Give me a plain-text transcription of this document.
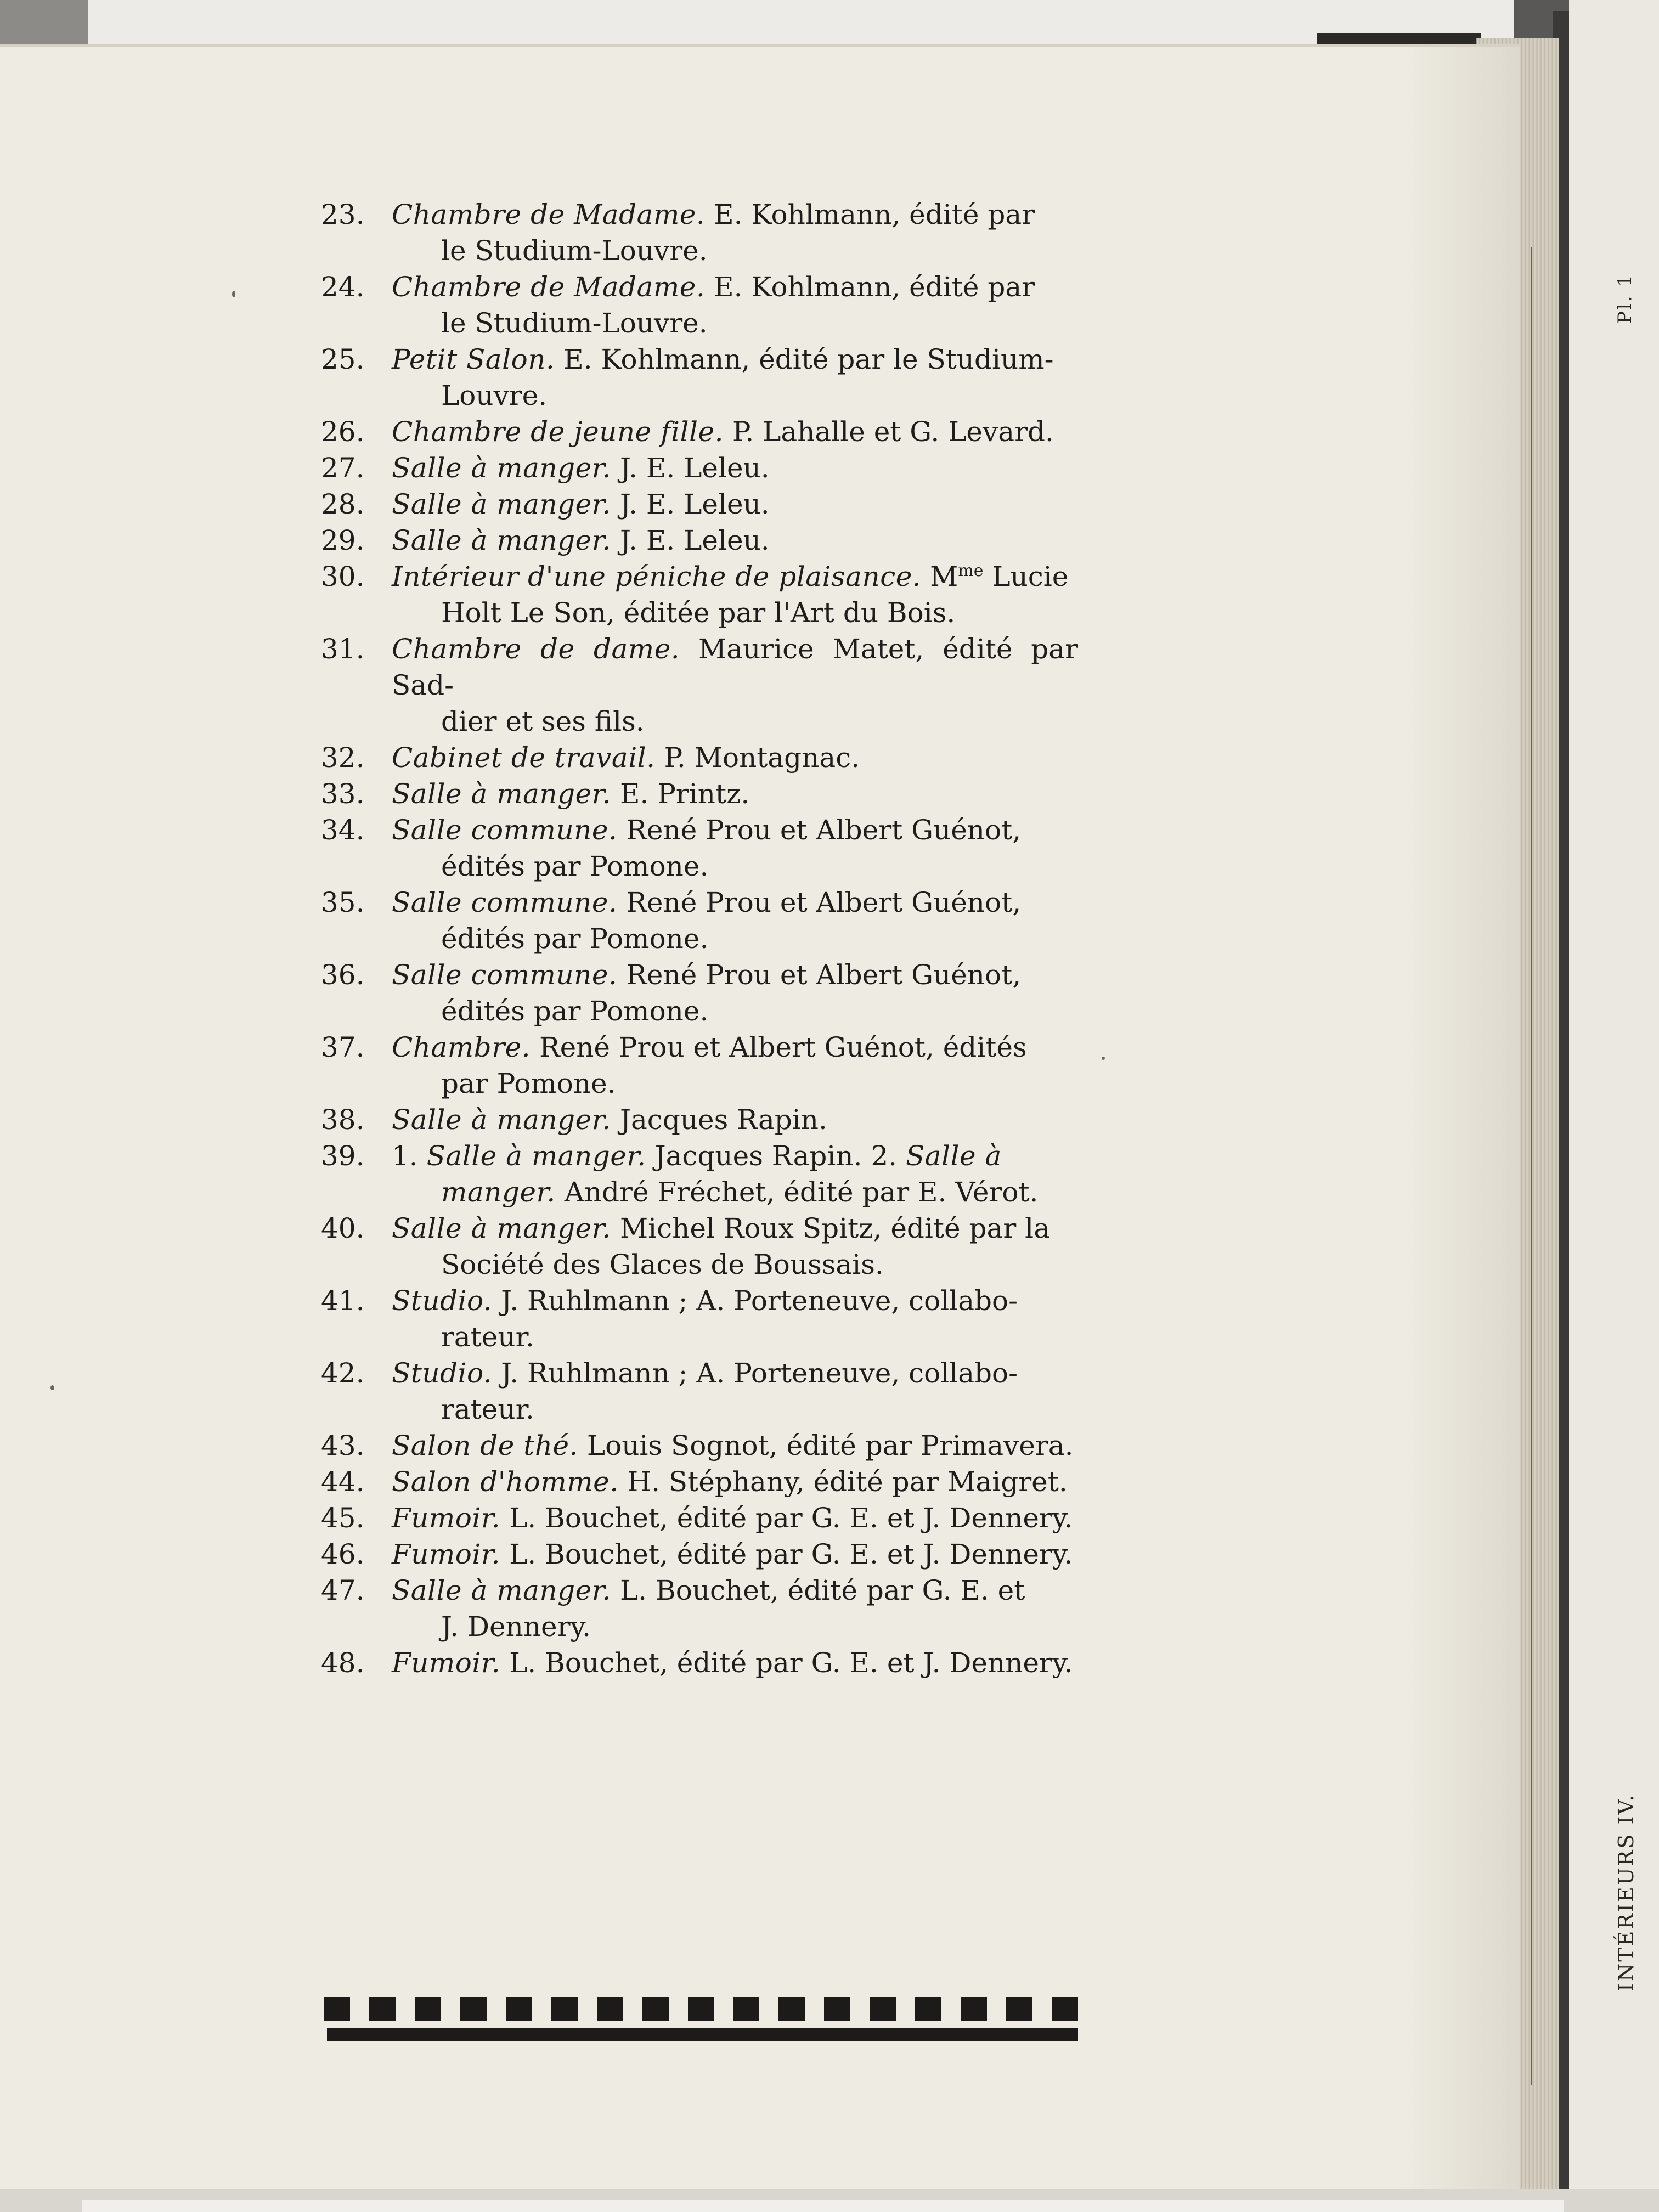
23. Chambre de Madame. E. Kohlmann, édité par
le Studium-Louvre.
24. Chambre de Madame. E. Kohlmann, édité par
le Studium-Louvre.
25. Petit Salon. E. Kohlmann, édité par le Studium-
Louvre.
26. Chambre de jeune fille. P. Lahalle et G. Levard.
27. Salle à manger. J. E. Leleu.
28. Salle à manger. J. E. Leleu.
29. Salle à manger. J. E. Leleu.
30. Intérieur d'une péniche de plaisance. $M^{me}$ Lucie
Holt Le Son, éditée par l'Art du Bois.
31. Chambre de dame. Maurice Matet, édité par Sad-
dier et ses fils.
32. Cabinet de travail. P. Montagnac.
33. Salle à manger. E. Printz.
34. Salle commune. René Prou et Albert Guénot,
édités par Pomone.
35. Salle commune. René Prou et Albert Guénot,
édités par Pomone.
36. Salle commune. René Prou et Albert Guénot,
édités par Pomone.
37. Chambre. René Prou et Albert Guénot, édités
par Pomone.
38. Salle à manger. Jacques Rapin.
39. 1. Salle à manger. Jacques Rapin. 2. Salle à
manger. André Fréchet, édité par E. Vérot.
40. Salle à manger. Michel Roux Spitz, édité par la
Société des Glaces de Boussais.
41. Studio. J. Ruhlmann ; A. Porteneuve, collabo-
rateur.
42. Studio. J. Ruhlmann ; A. Porteneuve, collabo-
rateur.
43. Salon de thé. Louis Sognot, édité par Primavera.
44. Salon d'homme. H. Stéphany, édité par Maigret.
45. Fumoir. L. Bouchet, édité par G. E. et J. Dennery.
46. Fumoir. L. Bouchet, édité par G. E. et J. Dennery.
47. Salle à manger. L. Bouchet, édité par G. E. et
J. Dennery.
48. Fumoir. L. Bouchet, édité par G. E. et J. Dennery.
Pl. 1
INTÉRIEURS IV.
